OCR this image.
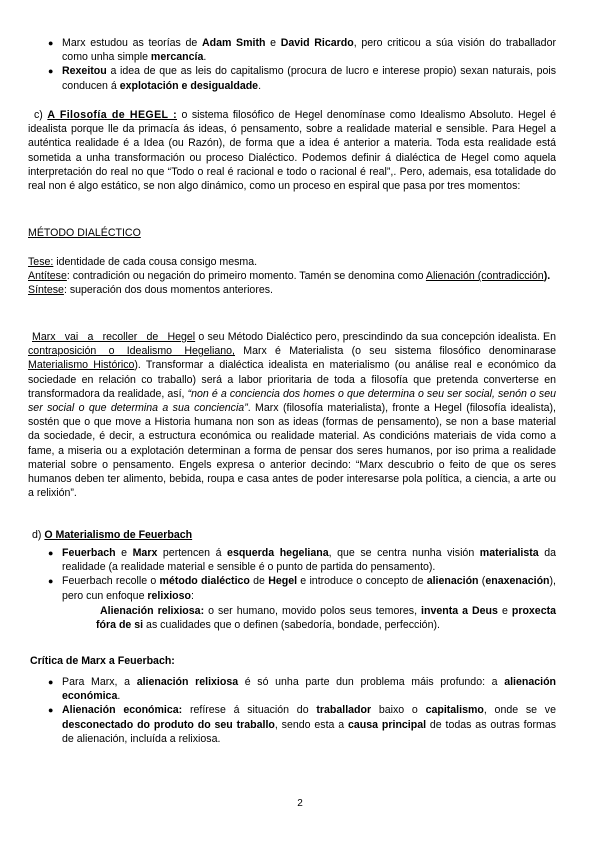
● Marx estudou as teorías de Adam Smith e David Ricardo, pero criticou a súa visión do traballador como unha simple mercancía.
● Rexeitou a idea de que as leis do capitalismo (procura de lucro e interese propio) sexan naturais, pois conducen á explotación e desigualdade.

c) A Filosofía de HEGEL : o sistema filosófico de Hegel denomínase como Idealismo Absoluto. Hegel é idealista porque lle da primacía ás ideas, ó pensamento, sobre a realidade material e sensible. Para Hegel a auténtica realidade é a Idea (ou Razón), de forma que a idea é anterior a materia. Toda esta realidade está sometida a unha transformación ou proceso Dialéctico. Podemos definir á dialéctica de Hegel como aquela interpretación do real no que “Todo o real é racional e todo o racional é real”,. Pero, ademais, esa totalidade do real non é algo estático, se non algo dinámico, como un proceso en espiral que pasa por tres momentos:

MÉTODO DIALÉCTICO

Tese: identidade de cada cousa consigo mesma.
Antítese: contradición ou negación do primeiro momento. Tamén se denomina como Alienación (contradicción).
Síntese: superación dos dous momentos anteriores.

Marx vai a recoller de Hegel o seu Método Dialéctico pero, prescindindo da sua concepción idealista. En contraposición o Idealismo Hegeliano, Marx é Materialista (o seu sistema filosófico denominarase Materialismo Histórico). Transformar a dialéctica idealista en materialismo (ou análise real e económico da sociedade en relación co traballo) será a labor prioritaria de toda a filosofía que pretenda converterse en transformadora da realidade, así, “non é a conciencia dos homes o que determina o seu ser social, senón o seu ser social o que determina a sua conciencia”. Marx (filosofía materialista), fronte a Hegel (filosofía idealista), sostén que o que move a Historia humana non son as ideas (formas de pensamento), se non a base material da sociedade, é decir, a estructura económica ou realidade material. As condicións materiais de vida como a fame, a miseria ou a explotación determinan a forma de pensar dos seres humanos, por iso prima a realidade material sobre o pensamento. Engels expresa o anterior decindo: “Marx descubrio o feito de que os seres humanos deben ter alimento, bebida, roupa e casa antes de poder interesarse pola política, a ciencia, a arte ou a relixión”.

d) O Materialismo de Feuerbach

● Feuerbach e Marx pertencen á esquerda hegeliana, que se centra nunha visión materialista da realidade (a realidade material e sensible é o punto de partida do pensamento).
● Feuerbach recolle o método dialéctico de Hegel e introduce o concepto de alienación (enaxenación), pero cun enfoque relixioso:

Alienación relixiosa: o ser humano, movido polos seus temores, inventa a Deus e proxecta fóra de si as cualidades que o definen (sabedoría, bondade, perfección).

Crítica de Marx a Feuerbach:

● Para Marx, a alienación relixiosa é só unha parte dun problema máis profundo: a alienación económica.
● Alienación económica: refírese á situación do traballador baixo o capitalismo, onde se ve desconectado do produto do seu traballo, sendo esta a causa principal de todas as outras formas de alienación, incluída a relixiosa.
2
